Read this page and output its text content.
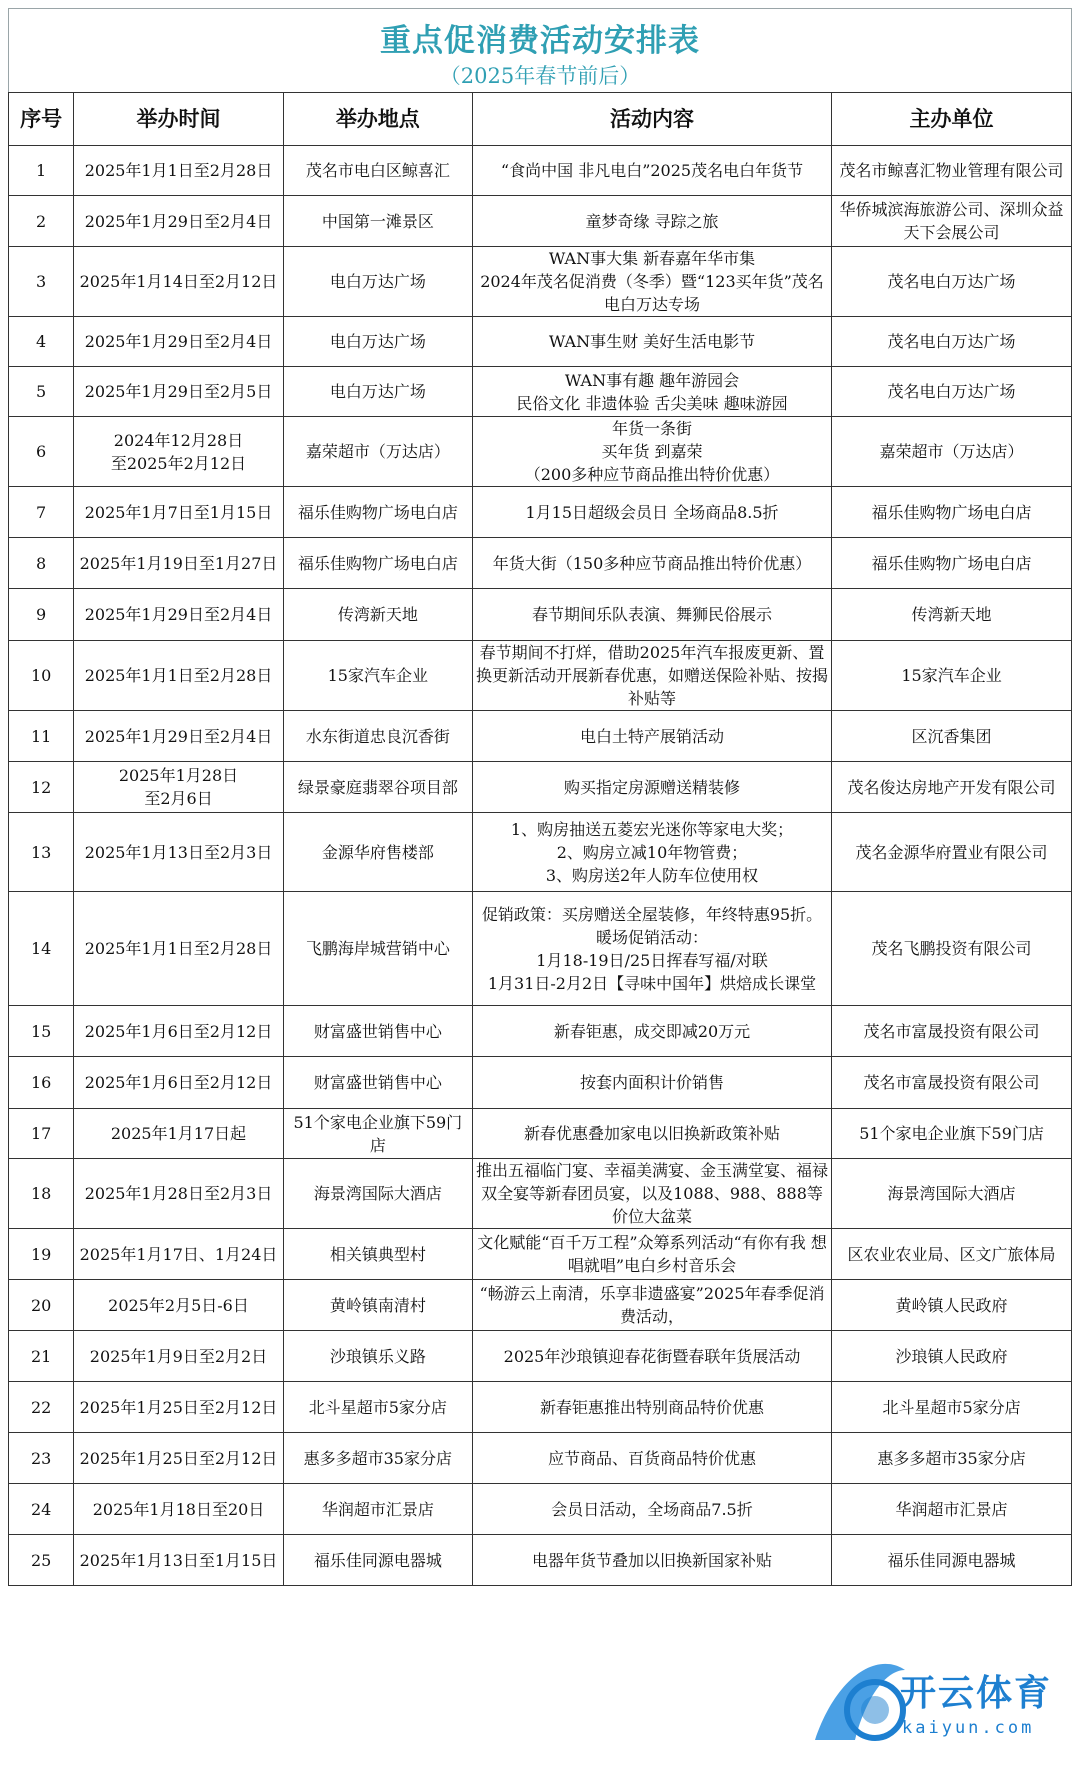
重点促消费活动安排表
（2025年春节前后）
序号	举办时间	举办地点	活动内容	主办单位
1	2025年1月1日至2月28日	茂名市电白区鲸喜汇	“食尚中国 非凡电白”2025茂名电白年货节	茂名市鲸喜汇物业管理有限公司
2	2025年1月29日至2月4日	中国第一滩景区	童梦奇缘 寻踪之旅	华侨城滨海旅游公司、深圳众益天下会展公司
3	2025年1月14日至2月12日	电白万达广场	WAN事大集 新春嘉年华市集
2024年茂名促消费（冬季）暨“123买年货”茂名电白万达专场	茂名电白万达广场
4	2025年1月29日至2月4日	电白万达广场	WAN事生财 美好生活电影节	茂名电白万达广场
5	2025年1月29日至2月5日	电白万达广场	WAN事有趣 趣年游园会
民俗文化 非遗体验 舌尖美味 趣味游园	茂名电白万达广场
6	2024年12月28日
至2025年2月12日	嘉荣超市（万达店）	年货一条街
买年货 到嘉荣
（200多种应节商品推出特价优惠）	嘉荣超市（万达店）
7	2025年1月7日至1月15日	福乐佳购物广场电白店	1月15日超级会员日 全场商品8.5折	福乐佳购物广场电白店
8	2025年1月19日至1月27日	福乐佳购物广场电白店	年货大街（150多种应节商品推出特价优惠）	福乐佳购物广场电白店
9	2025年1月29日至2月4日	传湾新天地	春节期间乐队表演、舞狮民俗展示	传湾新天地
10	2025年1月1日至2月28日	15家汽车企业	春节期间不打烊，借助2025年汽车报废更新、置换更新活动开展新春优惠，如赠送保险补贴、按揭补贴等	15家汽车企业
11	2025年1月29日至2月4日	水东街道忠良沉香街	电白土特产展销活动	区沉香集团
12	2025年1月28日
至2月6日	绿景豪庭翡翠谷项目部	购买指定房源赠送精装修	茂名俊达房地产开发有限公司
13	2025年1月13日至2月3日	金源华府售楼部	1、购房抽送五菱宏光迷你等家电大奖；
2、购房立减10年物管费；
3、购房送2年人防车位使用权	茂名金源华府置业有限公司
14	2025年1月1日至2月28日	飞鹏海岸城营销中心	促销政策：买房赠送全屋装修，年终特惠95折。
暖场促销活动：
1月18-19日/25日挥春写福/对联
1月31日-2月2日【寻味中国年】烘焙成长课堂	茂名飞鹏投资有限公司
15	2025年1月6日至2月12日	财富盛世销售中心	新春钜惠，成交即减20万元	茂名市富晟投资有限公司
16	2025年1月6日至2月12日	财富盛世销售中心	按套内面积计价销售	茂名市富晟投资有限公司
17	2025年1月17日起	51个家电企业旗下59门店	新春优惠叠加家电以旧换新政策补贴	51个家电企业旗下59门店
18	2025年1月28日至2月3日	海景湾国际大酒店	推出五福临门宴、幸福美满宴、金玉满堂宴、福禄双全宴等新春团员宴，以及1088、988、888等价位大盆菜	海景湾国际大酒店
19	2025年1月17日、1月24日	相关镇典型村	文化赋能“百千万工程”众筹系列活动“有你有我 想唱就唱”电白乡村音乐会	区农业农业局、区文广旅体局
20	2025年2月5日-6日	黄岭镇南清村	“畅游云上南清，乐享非遗盛宴”2025年春季促消费活动，	黄岭镇人民政府
21	2025年1月9日至2月2日	沙琅镇乐义路	2025年沙琅镇迎春花街暨春联年货展活动	沙琅镇人民政府
22	2025年1月25日至2月12日	北斗星超市5家分店	新春钜惠推出特别商品特价优惠	北斗星超市5家分店
23	2025年1月25日至2月12日	惠多多超市35家分店	应节商品、百货商品特价优惠	惠多多超市35家分店
24	2025年1月18日至20日	华润超市汇景店	会员日活动，全场商品7.5折	华润超市汇景店
25	2025年1月13日至1月15日	福乐佳同源电器城	电器年货节叠加以旧换新国家补贴	福乐佳同源电器城
开云体育
kaiyun.com
